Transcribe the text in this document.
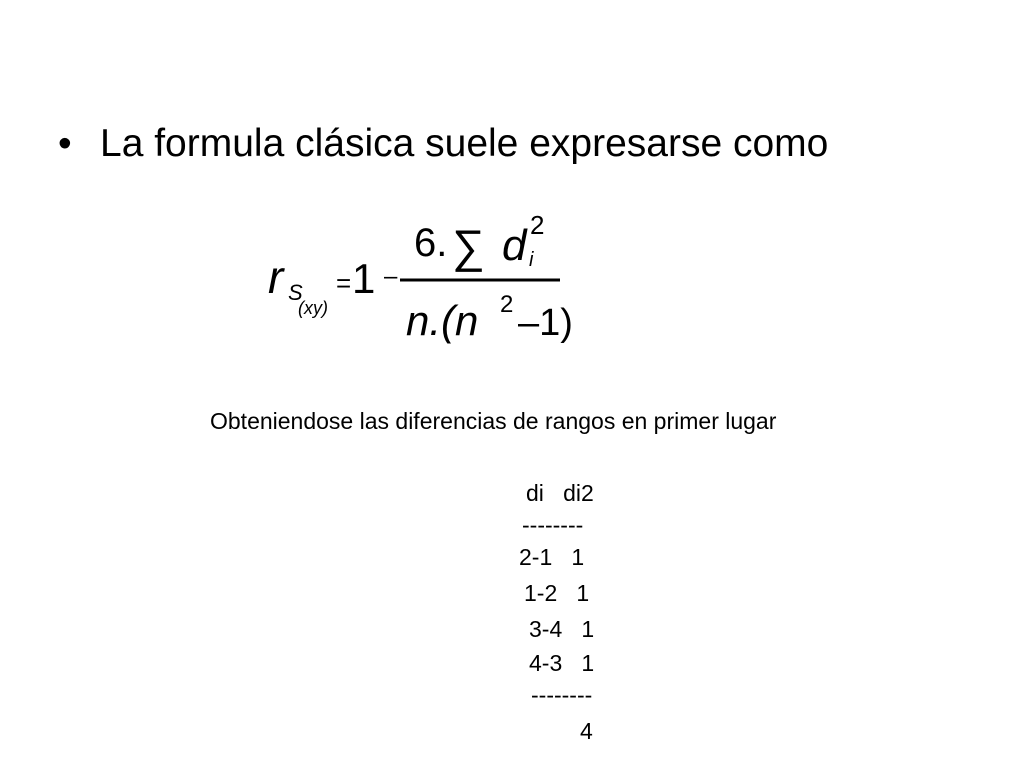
• La formula clásica suele expresarse como
r S
(xy)
= 1 –
6. ∑ d i
2
n.(n 2 –1)
Obteniendose las diferencias de rangos en primer lugar
di   di2
--------
2-1   1
1-2   1
3-4   1
4-3   1
--------
4
